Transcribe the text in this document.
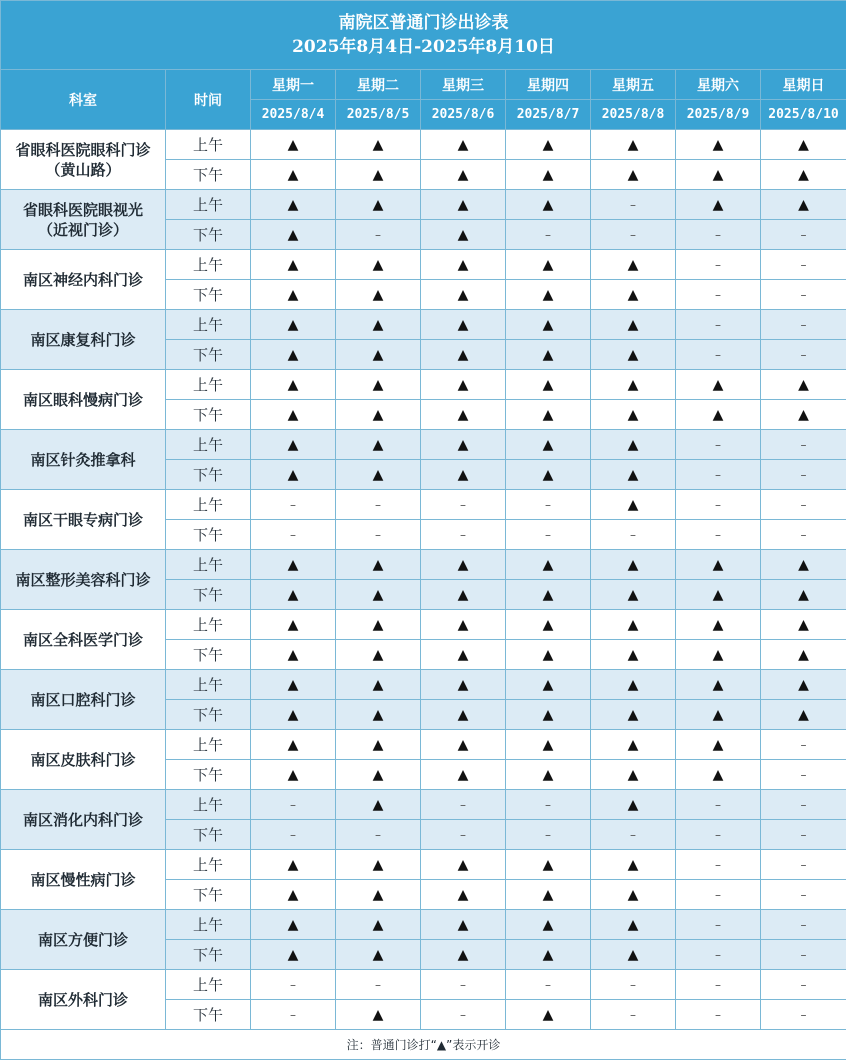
南院区普通门诊出诊表
2025年8月4日-2025年8月10日								

科室	时间	星期一	星期二	星期三	星期四	星期五	星期六	星期日
		2025/8/4	2025/8/5	2025/8/6	2025/8/7	2025/8/8	2025/8/9	2025/8/10

省眼科医院眼科门诊
（黄山路）	上午	▲	▲	▲	▲	▲	▲	▲
	下午	▲	▲	▲	▲	▲	▲	▲

省眼科医院眼视光
（近视门诊）	上午	▲	▲	▲	▲	–	▲	▲
	下午	▲	–	▲	–	–	–	–

南区神经内科门诊	上午	▲	▲	▲	▲	▲	–	–
	下午	▲	▲	▲	▲	▲	–	–

南区康复科门诊	上午	▲	▲	▲	▲	▲	–	–
	下午	▲	▲	▲	▲	▲	–	–

南区眼科慢病门诊	上午	▲	▲	▲	▲	▲	▲	▲
	下午	▲	▲	▲	▲	▲	▲	▲

南区针灸推拿科	上午	▲	▲	▲	▲	▲	–	–
	下午	▲	▲	▲	▲	▲	–	–

南区干眼专病门诊	上午	–	–	–	–	▲	–	–
	下午	–	–	–	–	–	–	–

南区整形美容科门诊	上午	▲	▲	▲	▲	▲	▲	▲
	下午	▲	▲	▲	▲	▲	▲	▲

南区全科医学门诊	上午	▲	▲	▲	▲	▲	▲	▲
	下午	▲	▲	▲	▲	▲	▲	▲

南区口腔科门诊	上午	▲	▲	▲	▲	▲	▲	▲
	下午	▲	▲	▲	▲	▲	▲	▲

南区皮肤科门诊	上午	▲	▲	▲	▲	▲	▲	–
	下午	▲	▲	▲	▲	▲	▲	–

南区消化内科门诊	上午	–	▲	–	–	▲	–	–
	下午	–	–	–	–	–	–	–

南区慢性病门诊	上午	▲	▲	▲	▲	▲	–	–
	下午	▲	▲	▲	▲	▲	–	–

南区方便门诊	上午	▲	▲	▲	▲	▲	–	–
	下午	▲	▲	▲	▲	▲	–	–

南区外科门诊	上午	–	–	–	–	–	–	–
	下午	–	▲	–	▲	–	–	–
注：普通门诊打“▲”表示开诊								
